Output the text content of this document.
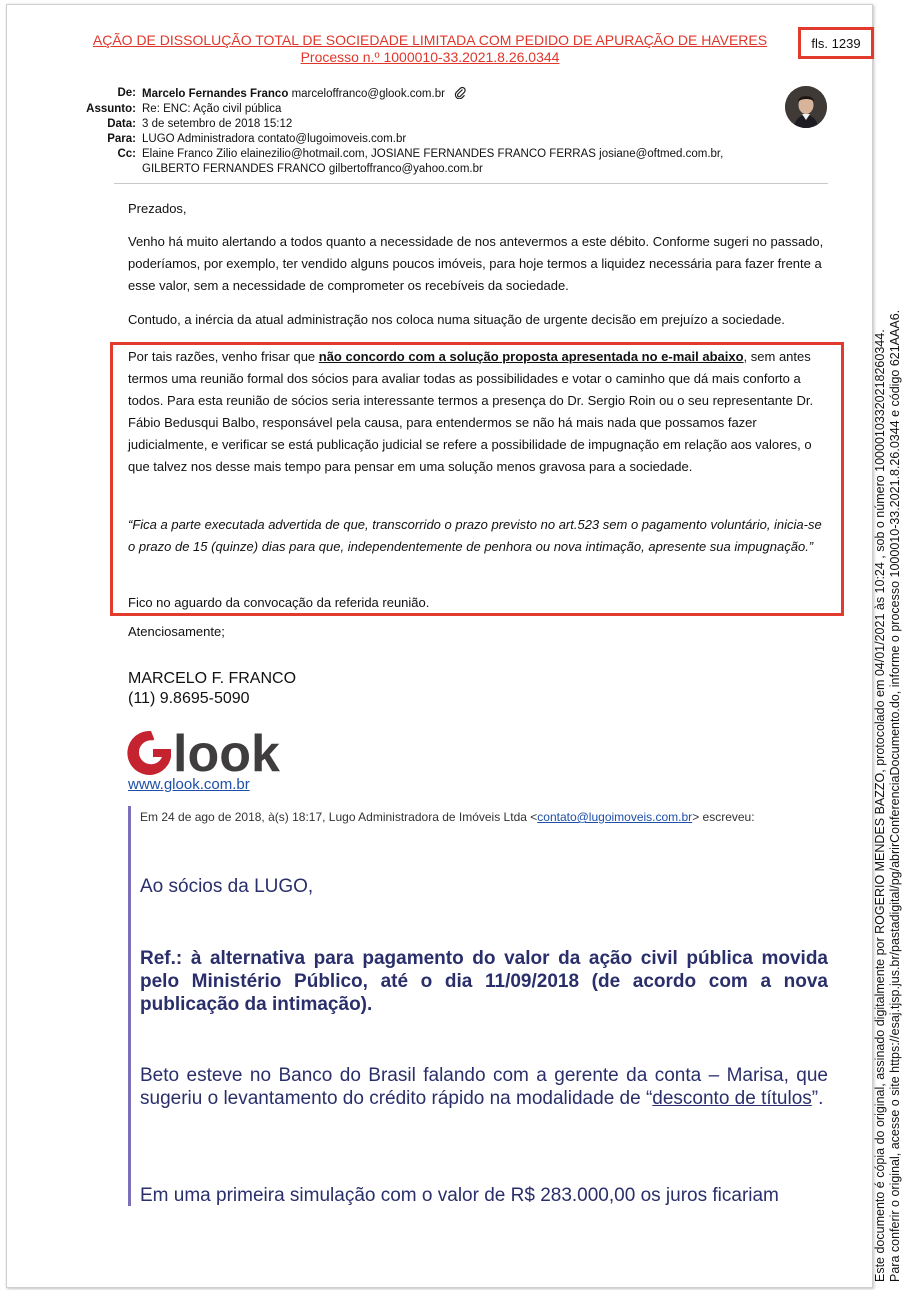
AÇÃO DE DISSOLUÇÃO TOTAL DE SOCIEDADE LIMITADA COM PEDIDO DE APURAÇÃO DE HAVERES
Processo n.º 1000010-33.2021.8.26.0344
fls. 1239
De: Marcelo Fernandes Franco marceloffranco@glook.com.br
Assunto: Re: ENC: Ação civil pública
Data: 3 de setembro de 2018 15:12
Para: LUGO Administradora contato@lugoimoveis.com.br
Cc: Elaine Franco Zilio elainezilio@hotmail.com, JOSIANE FERNANDES FRANCO FERRAS josiane@oftmed.com.br,
GILBERTO FERNANDES FRANCO gilbertoffranco@yahoo.com.br
Prezados,
Venho há muito alertando a todos quanto a necessidade de nos antevermos a este débito. Conforme sugeri no passado, poderíamos, por exemplo, ter vendido alguns poucos imóveis, para hoje termos a liquidez necessária para fazer frente a esse valor, sem a necessidade de comprometer os recebíveis da sociedade.
Contudo, a inércia da atual administração nos coloca numa situação de urgente decisão em prejuízo a sociedade.
Por tais razões, venho frisar que não concordo com a solução proposta apresentada no e-mail abaixo, sem antes termos uma reunião formal dos sócios para avaliar todas as possibilidades e votar o caminho que dá mais conforto a todos. Para esta reunião de sócios seria interessante termos a presença do Dr. Sergio Roin ou o seu representante Dr. Fábio Bedusqui Balbo, responsável pela causa, para entendermos se não há mais nada que possamos fazer judicialmente, e verificar se está publicação judicial se refere a possibilidade de impugnação em relação aos valores, o que talvez nos desse mais tempo para pensar em uma solução menos gravosa para a sociedade.
“Fica a parte executada advertida de que, transcorrido o prazo previsto no art.523 sem o pagamento voluntário, inicia-se o prazo de 15 (quinze) dias para que, independentemente de penhora ou nova intimação, apresente sua impugnação.”
Fico no aguardo da convocação da referida reunião.
Atenciosamente;
MARCELO F. FRANCO
(11) 9.8695-5090
look
www.glook.com.br
Em 24 de ago de 2018, à(s) 18:17, Lugo Administradora de Imóveis Ltda <contato@lugoimoveis.com.br> escreveu:
Ao sócios da LUGO,
Ref.: à alternativa para pagamento do valor da ação civil pública movida pelo Ministério Público, até o dia 11/09/2018 (de acordo com a nova publicação da intimação).
Beto esteve no Banco do Brasil falando com a gerente da conta – Marisa, que sugeriu o levantamento do crédito rápido na modalidade de “desconto de títulos”.
Em uma primeira simulação com o valor de R$ 283.000,00 os juros ficariam	Este documento é cópia do original, assinado digitalmente por ROGERIO MENDES BAZZO, protocolado em 04/01/2021 às 10:24 , sob o número 10000103320218260344. Para conferir o original, acesse o site https://esaj.tjsp.jus.br/pastadigital/pg/abrirConferenciaDocumento.do, informe o processo 1000010-33.2021.8.26.0344 e código 621AAA6.
